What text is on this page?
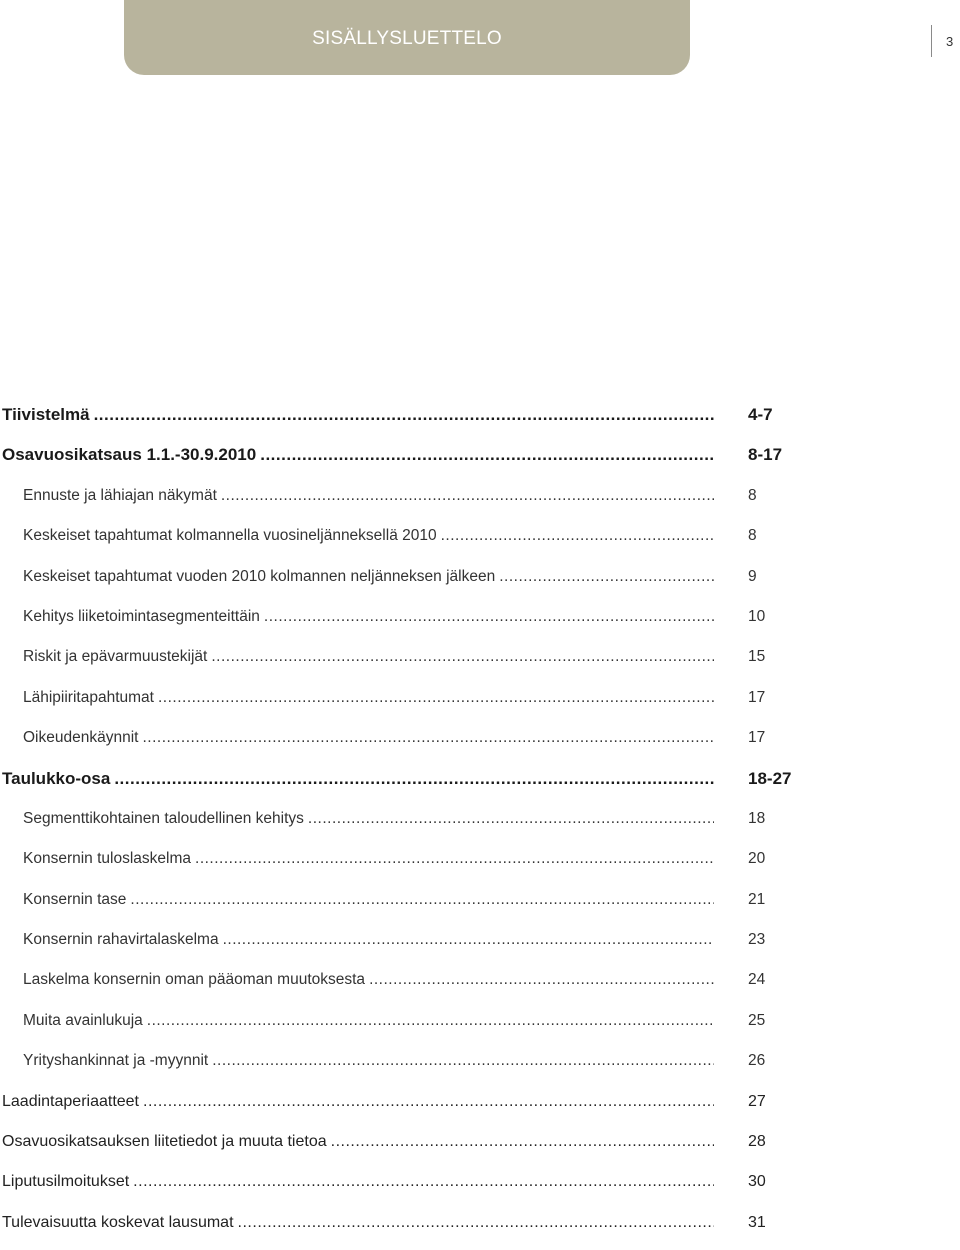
SISÄLLYSLUETTELO	3
Tiivistelmä .....	4-7
Osavuosikatsaus 1.1.-30.9.2010 .....	8-17
Ennuste ja lähiajan näkymät .....	8
Keskeiset tapahtumat kolmannella vuosineljänneksellä 2010 .....	8
Keskeiset tapahtumat vuoden 2010 kolmannen neljänneksen jälkeen .....	9
Kehitys liiketoimintasegmenteittäin .....	10
Riskit ja epävarmuustekijät .....	15
Lähipiiritapahtumat .....	17
Oikeudenkäynnit .....	17
Taulukko-osa .....	18-27
Segmenttikohtainen taloudellinen kehitys .....	18
Konsernin tuloslaskelma .....	20
Konsernin tase .....	21
Konsernin rahavirtalaskelma .....	23
Laskelma konsernin oman pääoman muutoksesta .....	24
Muita avainlukuja .....	25
Yrityshankinnat ja -myynnit .....	26
Laadintaperiaatteet .....	27
Osavuosikatsauksen liitetiedot ja muuta tietoa .....	28
Liputusilmoitukset .....	30
Tulevaisuutta koskevat lausumat .....	31
